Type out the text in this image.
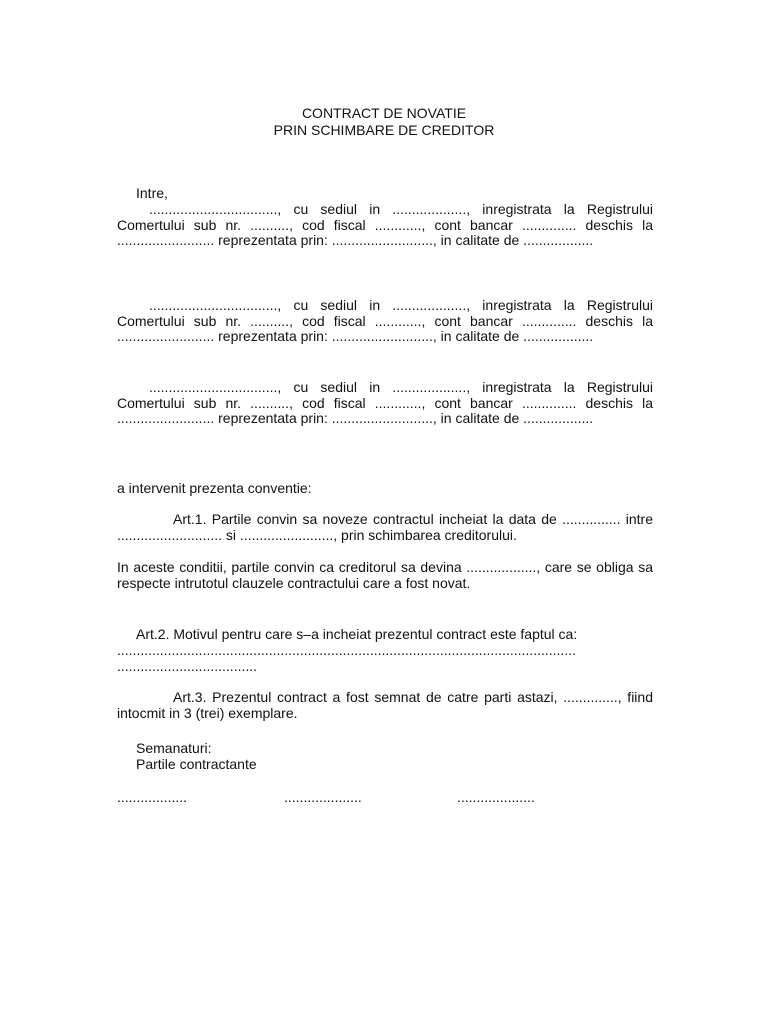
CONTRACT DE NOVATIE
PRIN SCHIMBARE DE CREDITOR
Intre,
................................., cu sediul in ..................., inregistrata la Registrului Comertului sub nr. .........., cod fiscal ............, cont bancar .............. deschis la ......................... reprezentata prin: .........................., in calitate de ..................
................................., cu sediul in ..................., inregistrata la Registrului Comertului sub nr. .........., cod fiscal ............, cont bancar .............. deschis la ......................... reprezentata prin: .........................., in calitate de ..................
................................., cu sediul in ..................., inregistrata la Registrului Comertului sub nr. .........., cod fiscal ............, cont bancar .............. deschis la ......................... reprezentata prin: .........................., in calitate de ..................
a intervenit prezenta conventie:
Art.1. Partile convin sa noveze contractul incheiat la data de ............... intre ........................... si ........................, prin schimbarea creditorului.
In aceste conditii, partile convin ca creditorul sa devina .................., care se obliga sa respecte intrutotul clauzele contractului care a fost novat.
Art.2. Motivul pentru care s–a incheiat prezentul contract este faptul ca:
......................................................................................................................
....................................
Art.3. Prezentul contract a fost semnat de catre parti astazi, .............., fiind intocmit in 3 (trei) exemplare.
Semanaturi:
Partile contractante
..................	....................	....................
